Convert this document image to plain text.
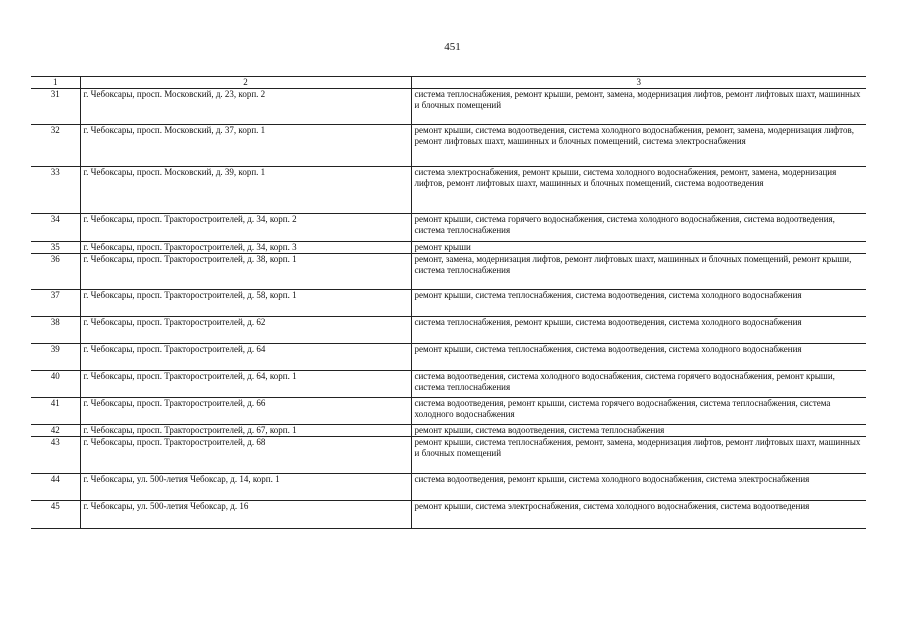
451
1	2	3
31	г. Чебоксары, просп. Московский, д. 23, корп. 2	система теплоснабжения, ремонт крыши, ремонт, замена, модернизация лифтов, ремонт лифтовых шахт, машинных и блочных помещений
32	г. Чебоксары, просп. Московский, д. 37, корп. 1	ремонт крыши, система водоотведения, система холодного водоснабжения, ремонт, замена, модернизация лифтов, ремонт лифтовых шахт, машинных и блочных помещений, система электроснабжения
33	г. Чебоксары, просп. Московский, д. 39, корп. 1	система электроснабжения, ремонт крыши, система холодного водоснабжения, ремонт, замена, модернизация лифтов, ремонт лифтовых шахт, машинных и блочных помещений, система водоотведения
34	г. Чебоксары, просп. Тракторостроителей, д. 34, корп. 2	ремонт крыши, система горячего водоснабжения, система холодного водоснабжения, система водоотведения, система теплоснабжения
35	г. Чебоксары, просп. Тракторостроителей, д. 34, корп. 3	ремонт крыши
36	г. Чебоксары, просп. Тракторостроителей, д. 38, корп. 1	ремонт, замена, модернизация лифтов, ремонт лифтовых шахт, машинных и блочных помещений, ремонт крыши, система теплоснабжения
37	г. Чебоксары, просп. Тракторостроителей, д. 58, корп. 1	ремонт крыши, система теплоснабжения, система водоотведения, система холодного водоснабжения
38	г. Чебоксары, просп. Тракторостроителей, д. 62	система теплоснабжения, ремонт крыши, система водоотведения, система холодного водоснабжения
39	г. Чебоксары, просп. Тракторостроителей, д. 64	ремонт крыши, система теплоснабжения, система водоотведения, система холодного водоснабжения
40	г. Чебоксары, просп. Тракторостроителей, д. 64, корп. 1	система водоотведения, система холодного водоснабжения, система горячего водоснабжения, ремонт крыши, система теплоснабжения
41	г. Чебоксары, просп. Тракторостроителей, д. 66	система водоотведения, ремонт крыши, система горячего водоснабжения, система теплоснабжения, система холодного водоснабжения
42	г. Чебоксары, просп. Тракторостроителей, д. 67, корп. 1	ремонт крыши, система водоотведения, система теплоснабжения
43	г. Чебоксары, просп. Тракторостроителей, д. 68	ремонт крыши, система теплоснабжения, ремонт, замена, модернизация лифтов, ремонт лифтовых шахт, машинных и блочных помещений
44	г. Чебоксары, ул. 500-летия Чебоксар, д. 14, корп. 1	система водоотведения, ремонт крыши, система холодного водоснабжения, система электроснабжения
45	г. Чебоксары, ул. 500-летия Чебоксар, д. 16	ремонт крыши, система электроснабжения, система холодного водоснабжения, система водоотведения
